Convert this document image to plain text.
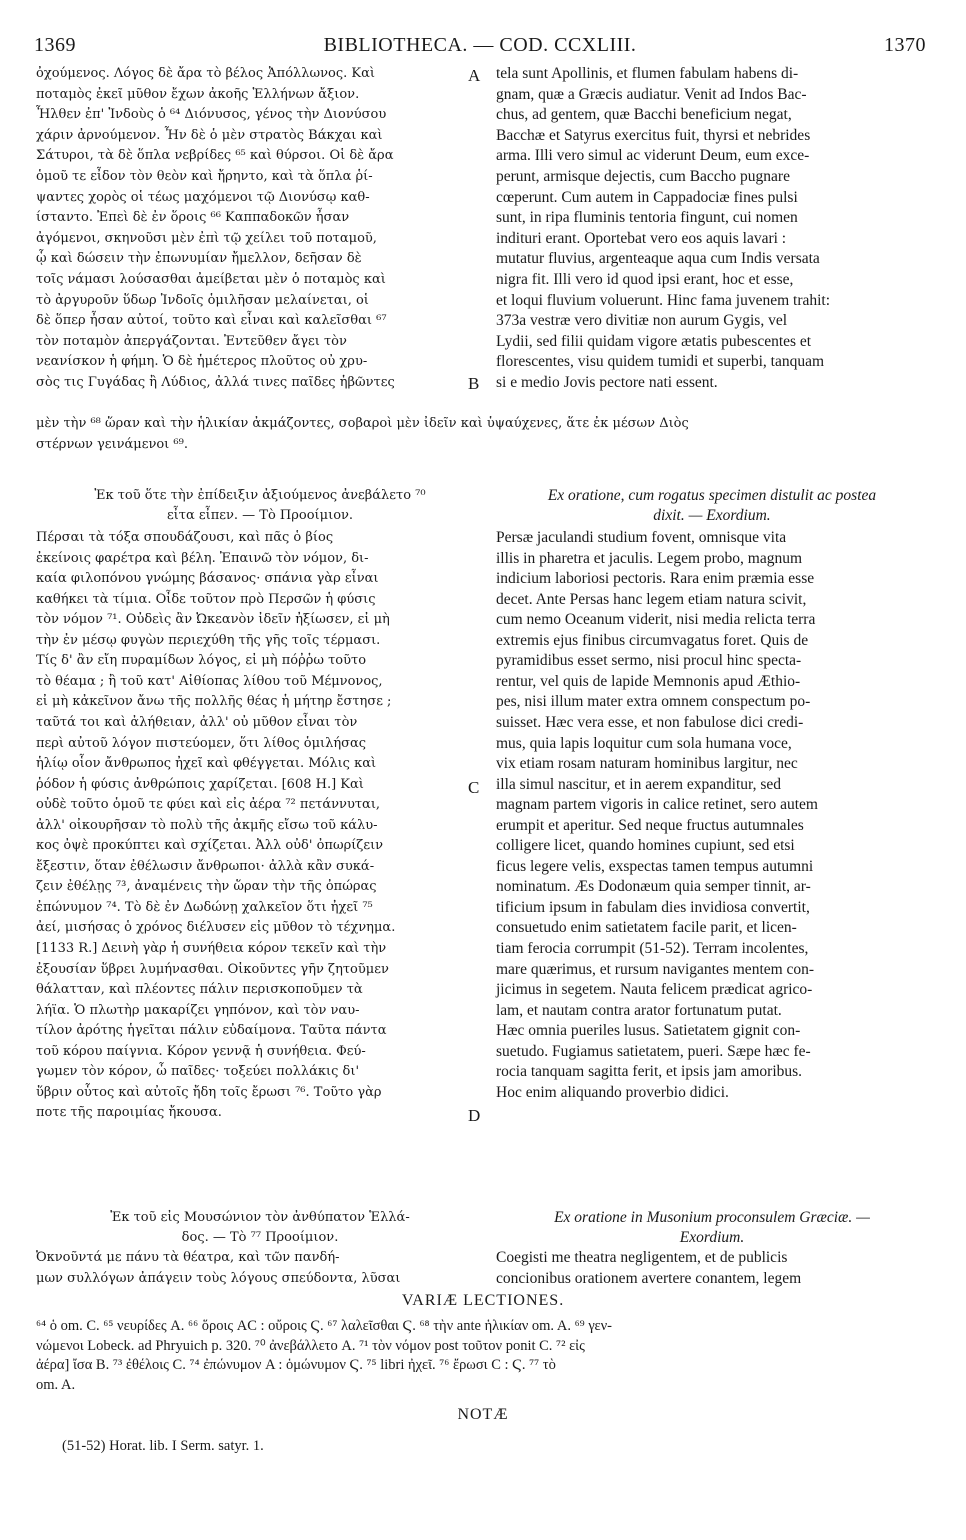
1369	BIBLIOTHECA. — COD. CCXLIII.	1370
ὀχούμενος. Λόγος δὲ ἄρα τὸ βέλος Ἀπόλλωνος. Καὶ
ποταμὸς ἐκεῖ μῦθον ἔχων ἀκοῆς Ἑλλήνων ἄξιον.
Ἦλθεν ἐπ' Ἰνδοὺς ὁ ⁶⁴ Διόνυσος, γένος τὴν Διονύσου
χάριν ἀρνούμενον. Ἦν δὲ ὁ μὲν στρατὸς Βάκχαι καὶ
Σάτυροι, τὰ δὲ ὅπλα νεβρίδες ⁶⁵ καὶ θύρσοι. Οἱ δὲ ἄρα
ὁμοῦ τε εἶδον τὸν θεὸν καὶ ἤρηντο, καὶ τὰ ὅπλα ῥί-
ψαντες χορὸς οἱ τέως μαχόμενοι τῷ Διονύσῳ καθ-
ίσταντο. Ἐπεὶ δὲ ἐν ὅροις ⁶⁶ Καππαδοκῶν ἦσαν
ἀγόμενοι, σκηνοῦσι μὲν ἐπὶ τῷ χείλει τοῦ ποταμοῦ,
ᾧ καὶ δώσειν τὴν ἐπωνυμίαν ἤμελλον, δεῆσαν δὲ
τοῖς νάμασι λούσασθαι ἀμείβεται μὲν ὁ ποταμὸς καὶ
τὸ ἀργυροῦν ὕδωρ Ἰνδοῖς ὁμιλῆσαν μελαίνεται, οἱ
δὲ ὅπερ ἦσαν αὐτοί, τοῦτο καὶ εἶναι καὶ καλεῖσθαι ⁶⁷
τὸν ποταμὸν ἀπεργάζονται. Ἐντεῦθεν ἄγει τὸν
νεανίσκον ἡ φήμη. Ὁ δὲ ἡμέτερος πλοῦτος οὐ χρυ-
σὸς τις Γυγάδας ἢ Λύδιος, ἀλλά τινες παῖδες ἡβῶντες
tela sunt Apollinis, et flumen fabulam habens di-
gnam, quæ a Græcis audiatur. Venit ad Indos Bac-
chus, ad gentem, quæ Bacchi beneficium negat,
Bacchæ et Satyrus exercitus fuit, thyrsi et nebrides
arma. Illi vero simul ac viderunt Deum, eum exce-
perunt, armisque dejectis, cum Baccho pugnare
cœperunt. Cum autem in Cappadociæ fines pulsi
sunt, in ripa fluminis tentoria fingunt, cui nomen
indituri erant. Oportebat vero eos aquis lavari :
mutatur fluvius, argenteaque aqua cum Indis versata
nigra fit. Illi vero id quod ipsi erant, hoc et esse,
et loqui fluvium voluerunt. Hinc fama juvenem trahit:
373a vestræ vero divitiæ non aurum Gygis, vel
Lydii, sed filii quidam vigore ætatis pubescentes et
florescentes, visu quidem tumidi et superbi, tanquam
si e medio Jovis pectore nati essent.
A
B
μὲν τὴν ⁶⁸ ὥραν καὶ τὴν ἡλικίαν ἀκμάζοντες, σοβαροὶ μὲν ἰδεῖν καὶ ὑψαύχενες, ἅτε ἐκ μέσων Διὸς
στέρνων γεινάμενοι ⁶⁹.
Ἐκ τοῦ ὅτε τὴν ἐπίδειξιν ἀξιούμενος ἀνεβάλετο ⁷⁰
εἶτα εἶπεν. — Τὸ Προοίμιον.
Ex oratione, cum rogatus specimen distulit ac postea
dixit. — Exordium.
Πέρσαι τὰ τόξα σπουδάζουσι, καὶ πᾶς ὁ βίος
ἐκείνοις φαρέτρα καὶ βέλη. Ἐπαινῶ τὸν νόμον, δι-
καία φιλοπόνου γνώμης βάσανος· σπάνια γὰρ εἶναι
καθήκει τὰ τίμια. Οἶδε τοῦτον πρὸ Περσῶν ἡ φύσις
τὸν νόμον ⁷¹. Οὐδεὶς ἂν Ὠκεανὸν ἰδεῖν ἠξίωσεν, εἰ μὴ
τὴν ἐν μέσῳ φυγὼν περιεχύθη τῆς γῆς τοῖς τέρμασι.
Τίς δ' ἂν εἴη πυραμίδων λόγος, εἰ μὴ πόῤῥω τοῦτο
τὸ θέαμα ; ἢ τοῦ κατ' Αἰθίοπας λίθου τοῦ Μέμνονος,
εἰ μὴ κἀκεῖνον ἄνω τῆς πολλῆς θέας ἡ μήτηρ ἔστησε ;
ταῦτά τοι καὶ ἀλήθειαν, ἀλλ' οὐ μῦθον εἶναι τὸν
περὶ αὐτοῦ λόγον πιστεύομεν, ὅτι λίθος ὁμιλήσας
ἡλίῳ οἷον ἄνθρωπος ἠχεῖ καὶ φθέγγεται. Μόλις καὶ
ῥόδον ἡ φύσις ἀνθρώποις χαρίζεται. [608 H.] Καὶ
οὐδὲ τοῦτο ὁμοῦ τε φύει καὶ εἰς ἀέρα ⁷² πετάννυται,
ἀλλ' οἰκουρῆσαν τὸ πολὺ τῆς ἀκμῆς εἴσω τοῦ κάλυ-
κος ὀψὲ προκύπτει καὶ σχίζεται. Ἀλλ οὐδ' ὀπωρίζειν
ἔξεστιν, ὅταν ἐθέλωσιν ἄνθρωποι· ἀλλὰ κἂν συκά-
ζειν ἐθέλῃς ⁷³, ἀναμένεις τὴν ὥραν τὴν τῆς ὀπώρας
ἐπώνυμον ⁷⁴. Τὸ δὲ ἐν Δωδώνῃ χαλκεῖον ὅτι ἠχεῖ ⁷⁵
ἀεί, μισήσας ὁ χρόνος διέλυσεν εἰς μῦθον τὸ τέχνημα.
[1133 R.] Δεινὴ γὰρ ἡ συνήθεια κόρον τεκεῖν καὶ τὴν
ἐξουσίαν ὕβρει λυμήνασθαι. Οἰκοῦντες γῆν ζητοῦμεν
θάλατταν, καὶ πλέοντες πάλιν περισκοποῦμεν τὰ
λήϊα. Ὁ πλωτὴρ μακαρίζει γηπόνον, καὶ τὸν ναυ-
τίλον ἀρότης ἡγεῖται πάλιν εὐδαίμονα. Ταῦτα πάντα
τοῦ κόρου παίγνια. Κόρον γεννᾷ ἡ συνήθεια. Φεύ-
γωμεν τὸν κόρον, ὦ παῖδες· τοξεύει πολλάκις δι'
ὕβριν οὗτος καὶ αὐτοῖς ἤδη τοῖς ἔρωσι ⁷⁶. Τοῦτο γὰρ
ποτε τῆς παροιμίας ἤκουσα.
Persæ jaculandi studium fovent, omnisque vita
illis in pharetra et jaculis. Legem probo, magnum
indicium laboriosi pectoris. Rara enim præmia esse
decet. Ante Persas hanc legem etiam natura scivit,
cum nemo Oceanum viderit, nisi media relicta terra
extremis ejus finibus circumvagatus foret. Quis de
pyramidibus esset sermo, nisi procul hinc specta-
rentur, vel quis de lapide Memnonis apud Æthio-
pes, nisi illum mater extra omnem conspectum po-
suisset. Hæc vera esse, et non fabulose dici credi-
mus, quia lapis loquitur cum sola humana voce,
vix etiam rosam naturam hominibus largitur, nec
illa simul nascitur, et in aerem expanditur, sed
magnam partem vigoris in calice retinet, sero autem
erumpit et aperitur. Sed neque fructus autumnales
colligere licet, quando homines cupiunt, sed etsi
ficus legere velis, exspectas tamen tempus autumni
nominatum. Æs Dodonæum quia semper tinnit, ar-
tificium ipsum in fabulam dies invidiosa convertit,
consuetudo enim satietatem facile parit, et licen-
tiam ferocia corrumpit (51-52). Terram incolentes,
mare quærimus, et rursum navigantes mentem con-
jicimus in segetem. Nauta felicem prædicat agrico-
lam, et nautam contra arator fortunatum putat.
Hæc omnia pueriles lusus. Satietatem gignit con-
suetudo. Fugiamus satietatem, pueri. Sæpe hæc fe-
rocia tanquam sagitta ferit, et ipsis jam amoribus.
Hoc enim aliquando proverbio didici.
C
D
Ἐκ τοῦ εἰς Μουσώνιον τὸν ἀνθύπατον Ἑλλά-
δος. — Τὸ ⁷⁷ Προοίμιον.
Ex oratione in Musonium proconsulem Græciæ. —
Exordium.
Ὀκνοῦντά με πάνυ τὰ θέατρα, καὶ τῶν πανδή-
μων συλλόγων ἀπάγειν τοὺς λόγους σπεύδοντα, λῦσαι
Coegisti me theatra negligentem, et de publicis
concionibus orationem avertere conantem, legem
VARIÆ LECTIONES.
⁶⁴ ὁ om. C. ⁶⁵ νευρίδες A. ⁶⁶ ὅροις AC : οὔροις Ϛ. ⁶⁷ λαλεῖσθαι Ϛ. ⁶⁸ τὴν ante ἡλικίαν om. A. ⁶⁹ γεν-
νώμενοι Lobeck. ad Phryuich p. 320. ⁷⁰ ἀνεβάλλετο A. ⁷¹ τὸν νόμον post τοῦτον ponit C. ⁷² εἰς
ἀέρα] ἴσα B. ⁷³ ἐθέλοις C. ⁷⁴ ἐπώνυμον A : ὁμώνυμον Ϛ. ⁷⁵ libri ἠχεῖ. ⁷⁶ ἔρωσι C : Ϛ. ⁷⁷ τὸ
om. A.
NOTÆ
(51-52) Horat. lib. I Serm. satyr. 1.
